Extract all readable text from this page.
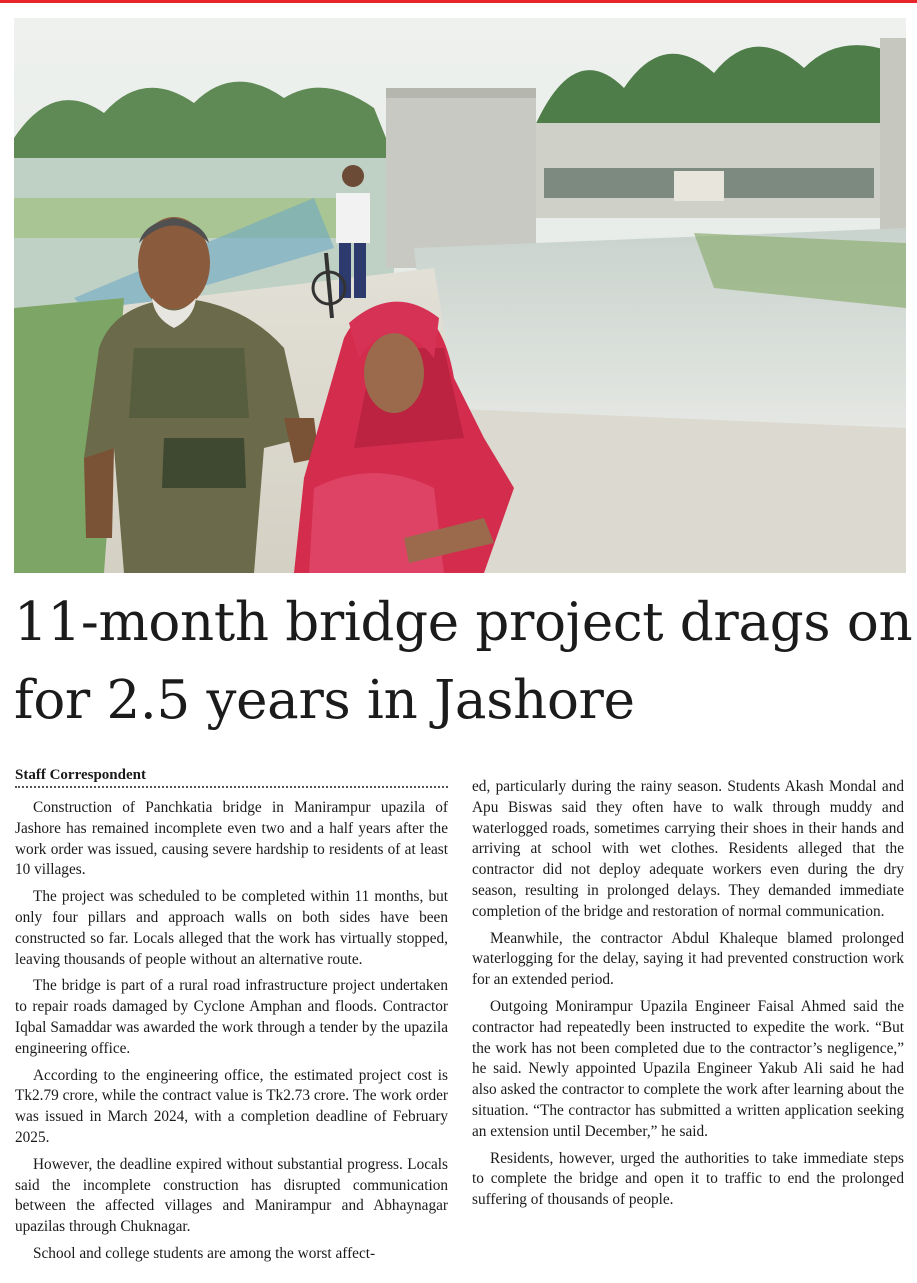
11-month bridge project drags on for 2.5 years in Jashore
Staff Correspondent

Construction of Panchkatia bridge in Manirampur upazila of Jashore has remained incomplete even two and a half years after the work order was issued, causing severe hardship to residents of at least 10 villages.

The project was scheduled to be completed within 11 months, but only four pillars and approach walls on both sides have been constructed so far. Locals alleged that the work has virtually stopped, leaving thousands of people without an alternative route.

The bridge is part of a rural road infrastructure project undertaken to repair roads damaged by Cyclone Amphan and floods. Contractor Iqbal Samaddar was awarded the work through a tender by the upazila engineering office.

According to the engineering office, the estimated project cost is Tk2.79 crore, while the contract value is Tk2.73 crore. The work order was issued in March 2024, with a completion deadline of February 2025.

However, the deadline expired without substantial progress. Locals said the incomplete construction has disrupted communication between the affected villages and Manirampur and Abhaynagar upazilas through Chuknagar.

School and college students are among the worst affect-

ed, particularly during the rainy season. Students Akash Mondal and Apu Biswas said they often have to walk through muddy and waterlogged roads, sometimes carrying their shoes in their hands and arriving at school with wet clothes. Residents alleged that the contractor did not deploy adequate workers even during the dry season, resulting in prolonged delays. They demanded immediate completion of the bridge and restoration of normal communication.

Meanwhile, the contractor Abdul Khaleque blamed prolonged waterlogging for the delay, saying it had prevented construction work for an extended period.

Outgoing Monirampur Upazila Engineer Faisal Ahmed said the contractor had repeatedly been instructed to expedite the work. “But the work has not been completed due to the contractor’s negligence,” he said. Newly appointed Upazila Engineer Yakub Ali said he had also asked the contractor to complete the work after learning about the situation. “The contractor has submitted a written application seeking an extension until December,” he said.

Residents, however, urged the authorities to take immediate steps to complete the bridge and open it to traffic to end the prolonged suffering of thousands of people.
